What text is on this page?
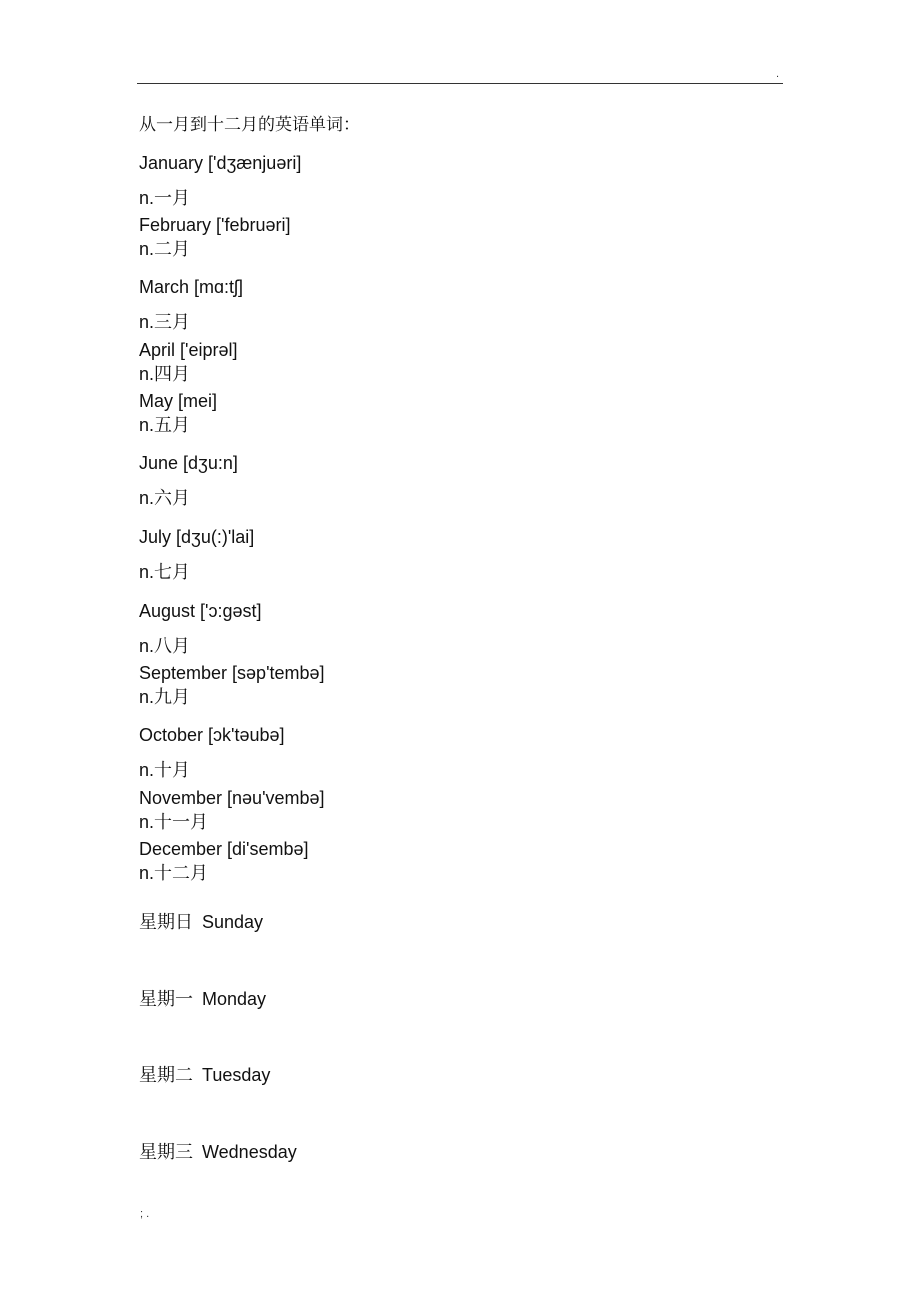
.
从一月到十二月的英语单词：
January ['dʒænjuəri]
n.一月
February ['februəri]
n.二月
March [mɑ:tʃ]
n.三月
April ['eiprəl]
n.四月
May [mei]
n.五月
June [dʒu:n]
n.六月
July [dʒu(:)'lai]
n.七月
August ['ɔ:gəst]
n.八月
September [səp'tembə]
n.九月
October [ɔk'təubə]
n.十月
November [nəu'vembə]
n.十一月
December [di'sembə]
n.十二月
星期日 Sunday
星期一 Monday
星期二 Tuesday
星期三 Wednesday
; .
